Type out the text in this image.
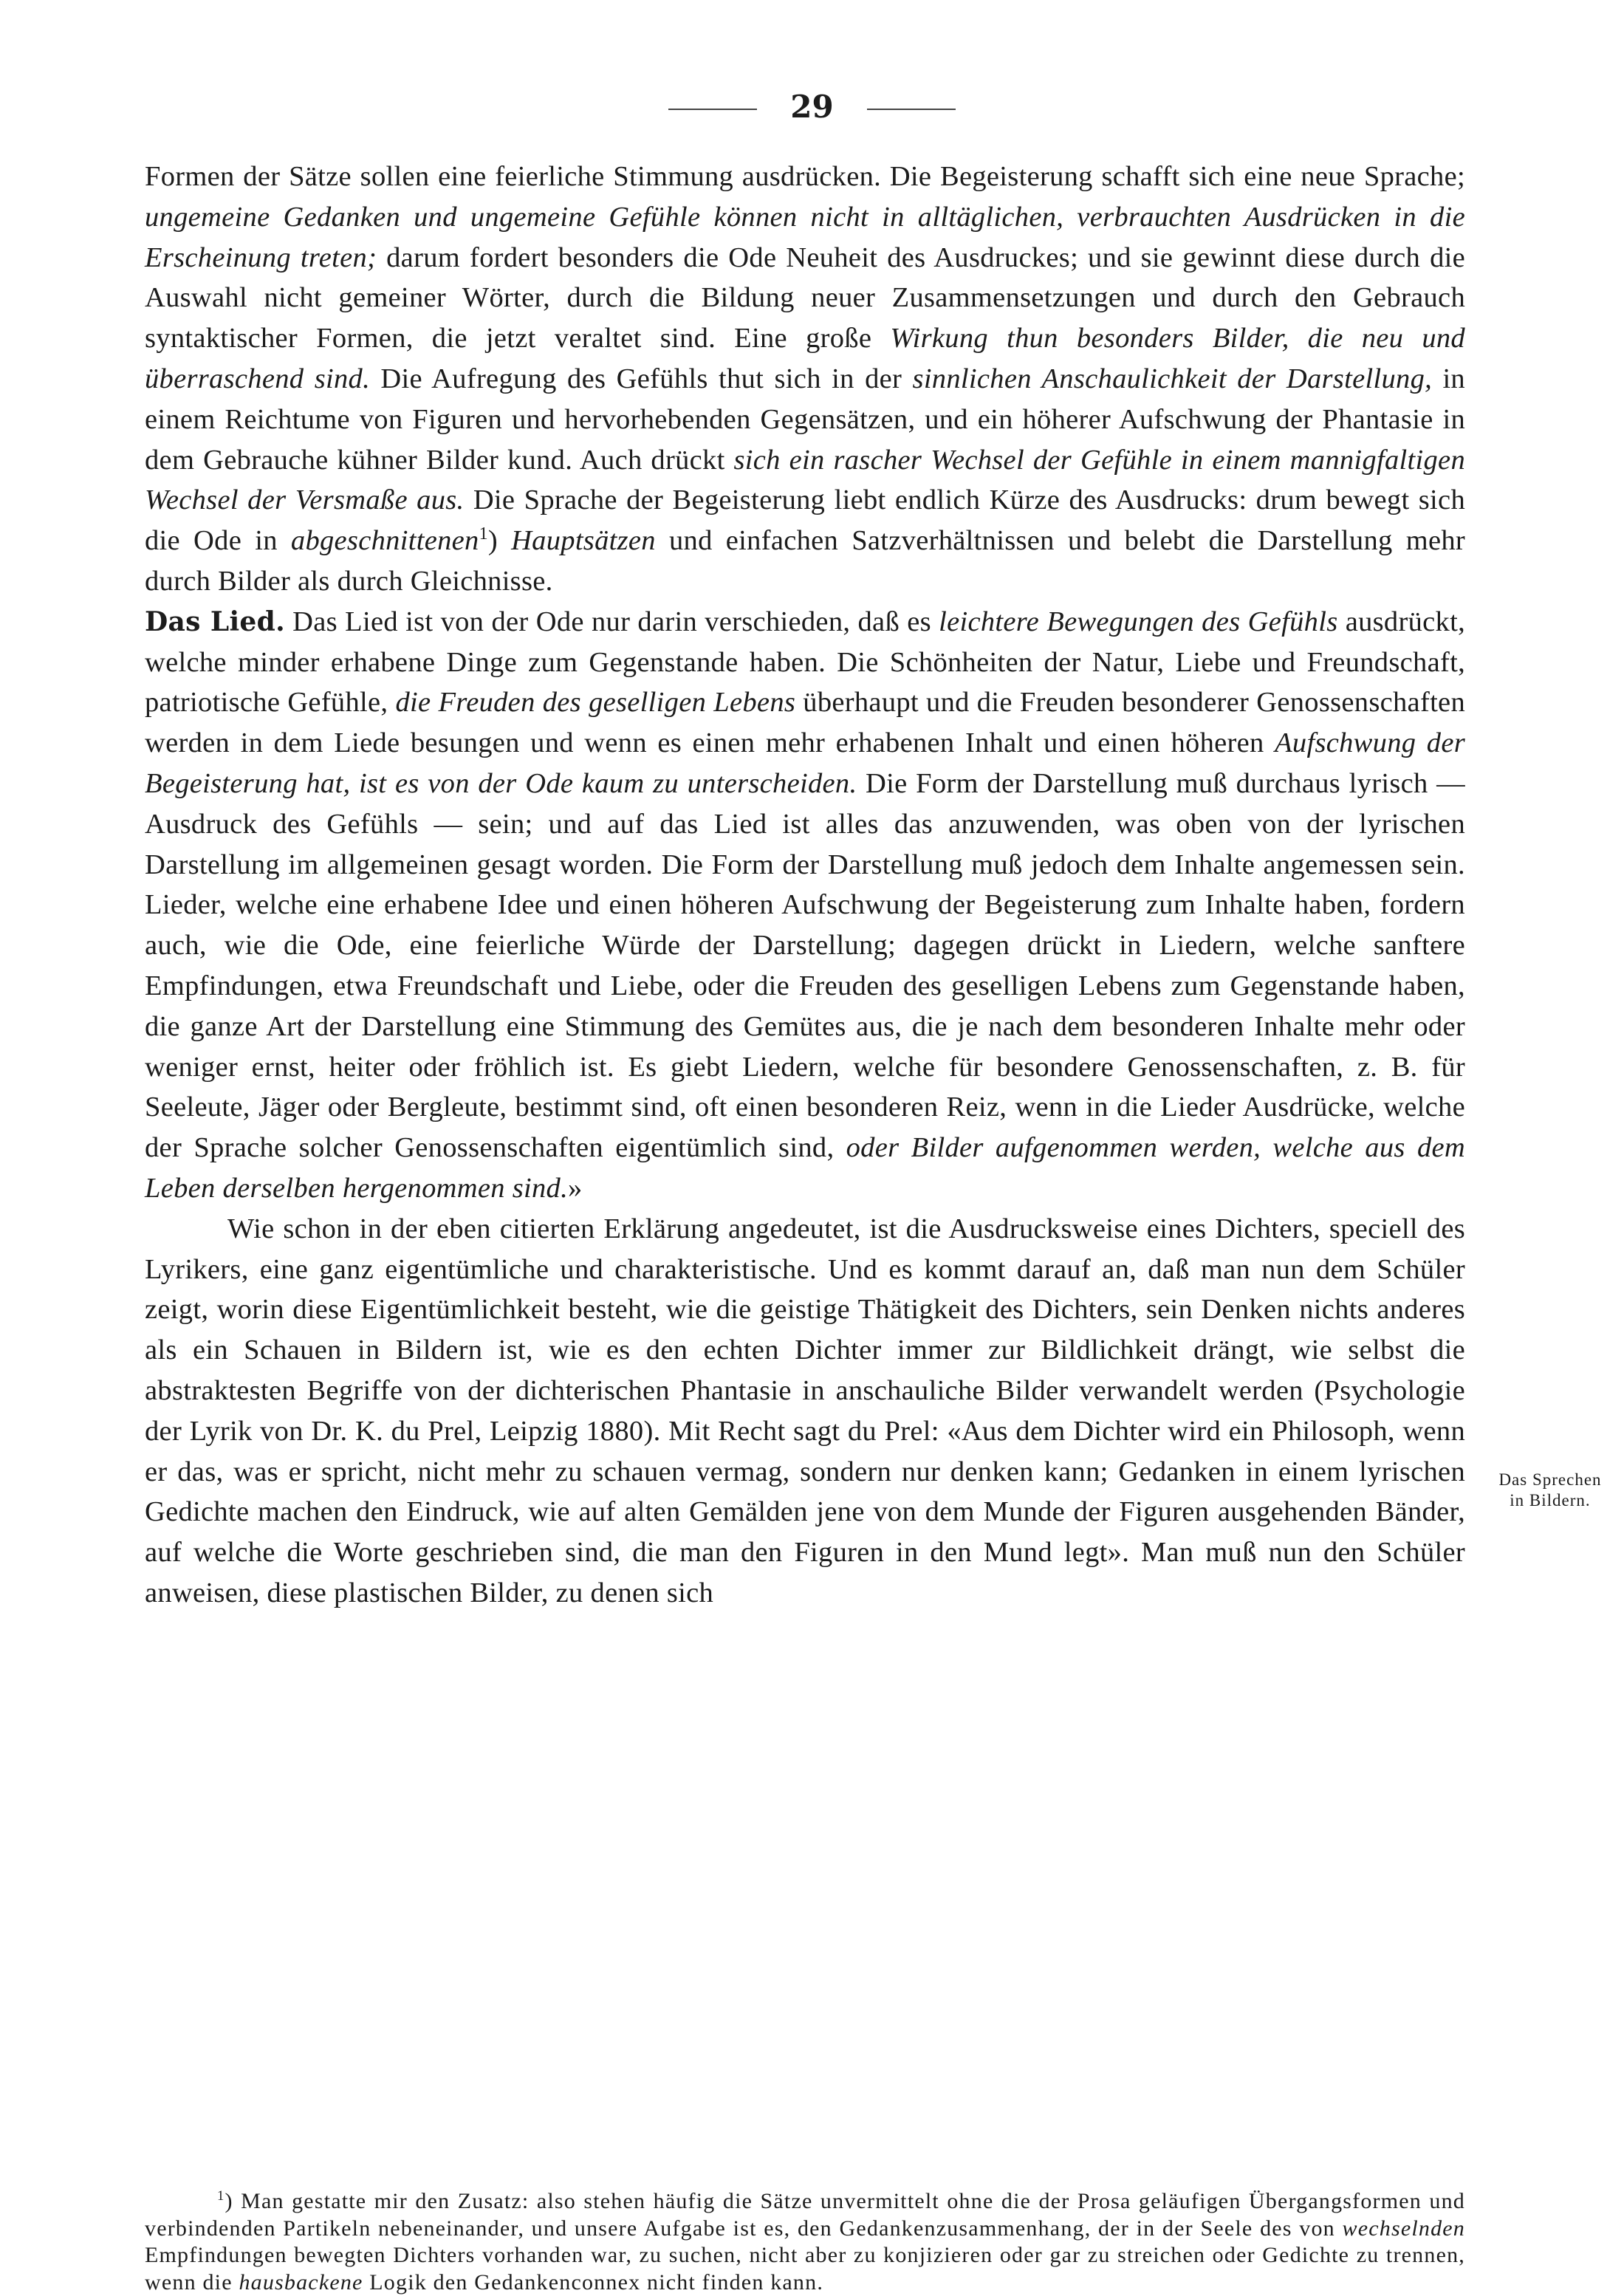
29

Formen der Sätze sollen eine feierliche Stimmung ausdrücken. Die Begeisterung schafft sich eine neue Sprache; ungemeine Gedanken und ungemeine Gefühle können nicht in alltäglichen, verbrauchten Ausdrücken in die Erscheinung treten; darum fordert besonders die Ode Neuheit des Ausdruckes; und sie gewinnt diese durch die Auswahl nicht gemeiner Wörter, durch die Bildung neuer Zusammensetzungen und durch den Gebrauch syntaktischer Formen, die jetzt veraltet sind. Eine große Wirkung thun besonders Bilder, die neu und überraschend sind. Die Aufregung des Gefühls thut sich in der sinnlichen Anschaulichkeit der Darstellung, in einem Reichtume von Figuren und hervorhebenden Gegensätzen, und ein höherer Aufschwung der Phantasie in dem Gebrauche kühner Bilder kund. Auch drückt sich ein rascher Wechsel der Gefühle in einem mannigfaltigen Wechsel der Versmaße aus. Die Sprache der Begeisterung liebt endlich Kürze des Ausdrucks: drum bewegt sich die Ode in abgeschnittenen$^1$) Hauptsätzen und einfachen Satzverhältnissen und belebt die Darstellung mehr durch Bilder als durch Gleichnisse.

Das Lied. Das Lied ist von der Ode nur darin verschieden, daß es leichtere Bewegungen des Gefühls ausdrückt, welche minder erhabene Dinge zum Gegenstande haben. Die Schönheiten der Natur, Liebe und Freundschaft, patriotische Gefühle, die Freuden des geselligen Lebens überhaupt und die Freuden besonderer Genossenschaften werden in dem Liede besungen und wenn es einen mehr erhabenen Inhalt und einen höheren Aufschwung der Begeisterung hat, ist es von der Ode kaum zu unterscheiden. Die Form der Darstellung muß durchaus lyrisch — Ausdruck des Gefühls — sein; und auf das Lied ist alles das anzuwenden, was oben von der lyrischen Darstellung im allgemeinen gesagt worden. Die Form der Darstellung muß jedoch dem Inhalte angemessen sein. Lieder, welche eine erhabene Idee und einen höheren Aufschwung der Begeisterung zum Inhalte haben, fordern auch, wie die Ode, eine feierliche Würde der Darstellung; dagegen drückt in Liedern, welche sanftere Empfindungen, etwa Freundschaft und Liebe, oder die Freuden des geselligen Lebens zum Gegenstande haben, die ganze Art der Darstellung eine Stimmung des Gemütes aus, die je nach dem besonderen Inhalte mehr oder weniger ernst, heiter oder fröhlich ist. Es giebt Liedern, welche für besondere Genossenschaften, z. B. für Seeleute, Jäger oder Bergleute, bestimmt sind, oft einen besonderen Reiz, wenn in die Lieder Ausdrücke, welche der Sprache solcher Genossenschaften eigentümlich sind, oder Bilder aufgenommen werden, welche aus dem Leben derselben hergenommen sind.»

Wie schon in der eben citierten Erklärung angedeutet, ist die Ausdrucksweise eines Dichters, speciell des Lyrikers, eine ganz eigentümliche und charakteristische. Und es kommt darauf an, daß man nun dem Schüler zeigt, worin diese Eigentümlichkeit besteht, wie die geistige Thätigkeit des Dichters, sein Denken nichts anderes als ein Schauen in Bildern ist, wie es den echten Dichter immer zur Bildlichkeit drängt, wie selbst die abstraktesten Begriffe von der dichterischen Phantasie in anschauliche Bilder verwandelt werden (Psychologie der Lyrik von Dr. K. du Prel, Leipzig 1880). Mit Recht sagt du Prel: «Aus dem Dichter wird ein Philosoph, wenn er das, was er spricht, nicht mehr zu schauen vermag, sondern nur denken kann; Gedanken in einem lyrischen Gedichte machen den Eindruck, wie auf alten Gemälden jene von dem Munde der Figuren ausgehenden Bänder, auf welche die Worte geschrieben sind, die man den Figuren in den Mund legt». Man muß nun den Schüler anweisen, diese plastischen Bilder, zu denen sich

Das Sprechen
in Bildern.
$^1$) Man gestatte mir den Zusatz: also stehen häufig die Sätze unvermittelt ohne die der Prosa geläufigen Übergangsformen und verbindenden Partikeln nebeneinander, und unsere Aufgabe ist es, den Gedankenzusammenhang, der in der Seele des von wechselnden Empfindungen bewegten Dichters vorhanden war, zu suchen, nicht aber zu konjizieren oder gar zu streichen oder Gedichte zu trennen, wenn die hausbackene Logik den Gedankenconnex nicht finden kann.
